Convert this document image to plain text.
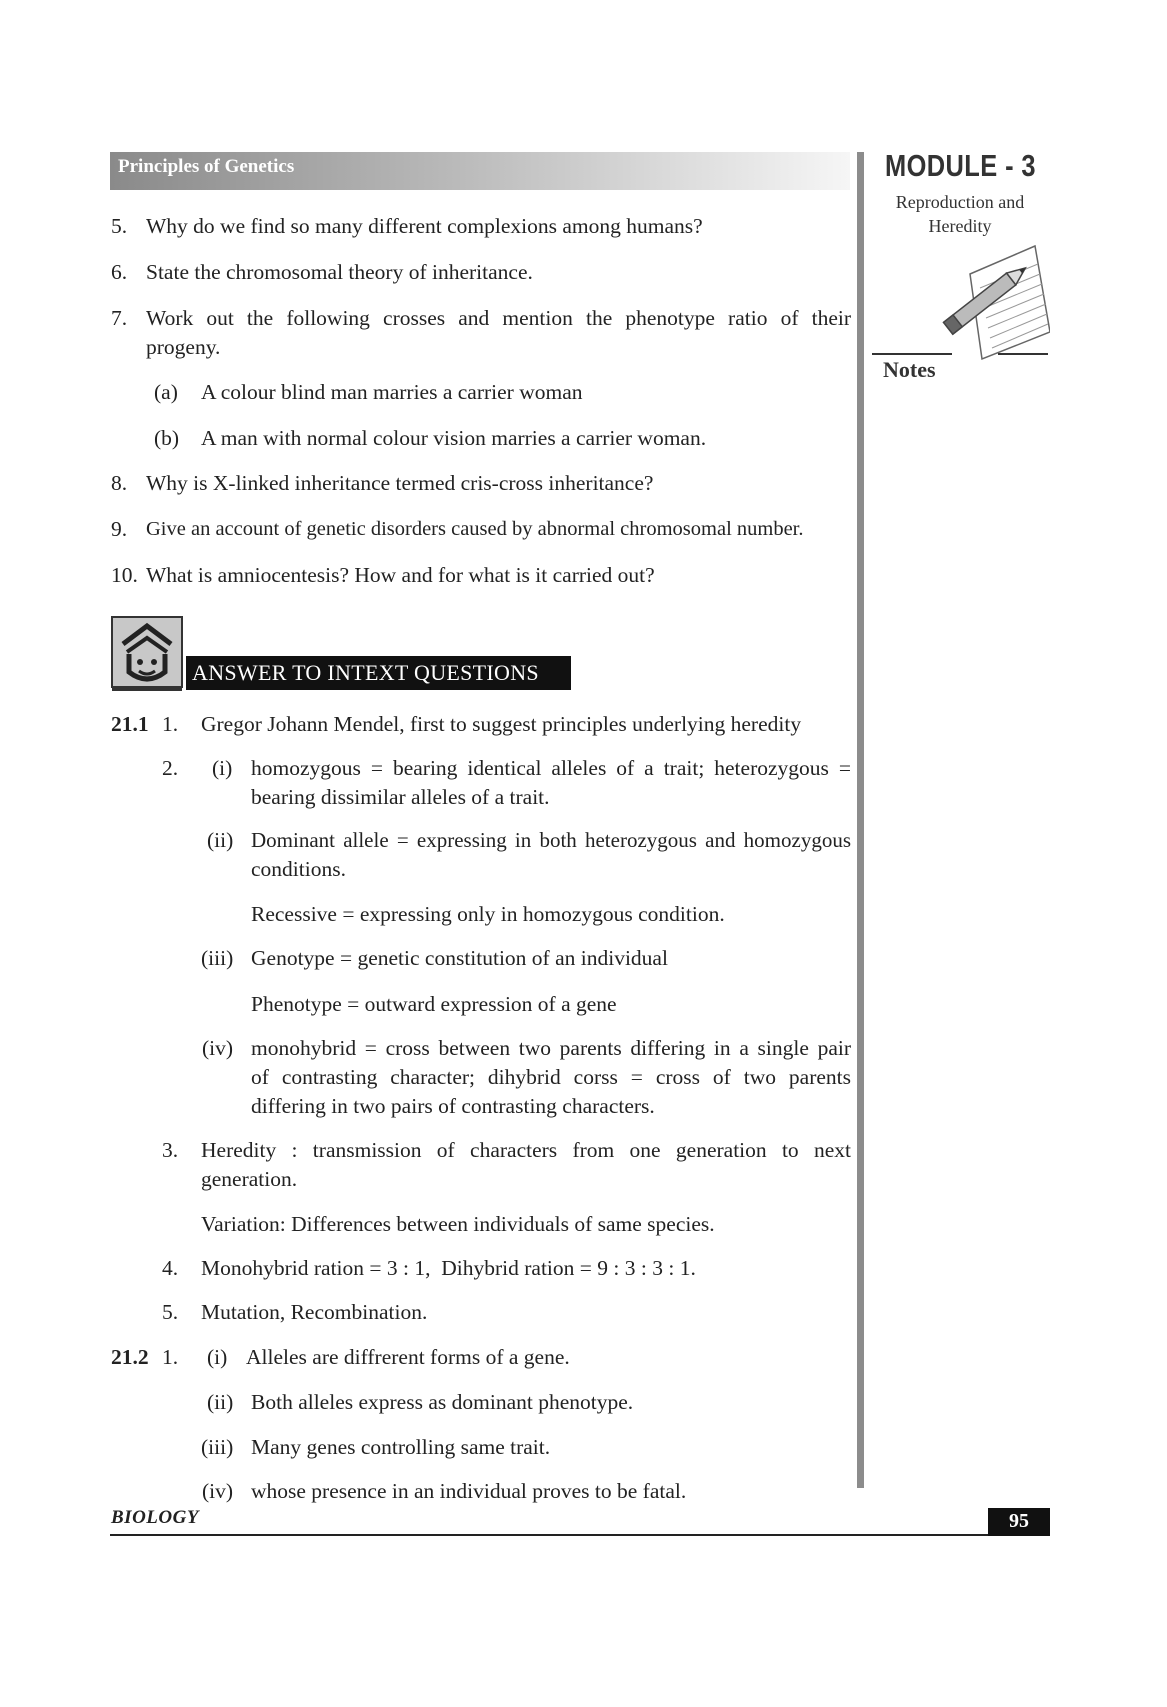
Principles of Genetics	MODULE - 3
Reproduction and
Heredity
Notes
5. Why do we find so many different complexions among humans?
6. State the chromosomal theory of inheritance.
7. Work out the following crosses and mention the phenotype ratio of their
progeny.
(a) A colour blind man marries a carrier woman
(b) A man with normal colour vision marries a carrier woman.
8. Why is X-linked inheritance termed cris-cross inheritance?
9. Give an account of genetic disorders caused by abnormal chromosomal number.
10. What is amniocentesis? How and for what is it carried out?
ANSWER TO INTEXT QUESTIONS
21.1 1. Gregor Johann Mendel, first to suggest principles underlying heredity
2. (i) homozygous = bearing identical alleles of a trait; heterozygous =
bearing dissimilar alleles of a trait.
(ii) Dominant allele = expressing in both heterozygous and homozygous
conditions.
Recessive = expressing only in homozygous condition.
(iii) Genotype = genetic constitution of an individual
Phenotype = outward expression of a gene
(iv) monohybrid = cross between two parents differing in a single pair
of contrasting character; dihybrid corss = cross of two parents
differing in two pairs of contrasting characters.
3. Heredity : transmission of characters from one generation to next
generation.
Variation: Differences between individuals of same species.
4. Monohybrid ration = 3 : 1,  Dihybrid ration = 9 : 3 : 3 : 1.
5. Mutation, Recombination.
21.2 1. (i) Alleles are diffrerent forms of a gene.
(ii) Both alleles express as dominant phenotype.
(iii) Many genes controlling same trait.
(iv) whose presence in an individual proves to be fatal.
BIOLOGY	95
